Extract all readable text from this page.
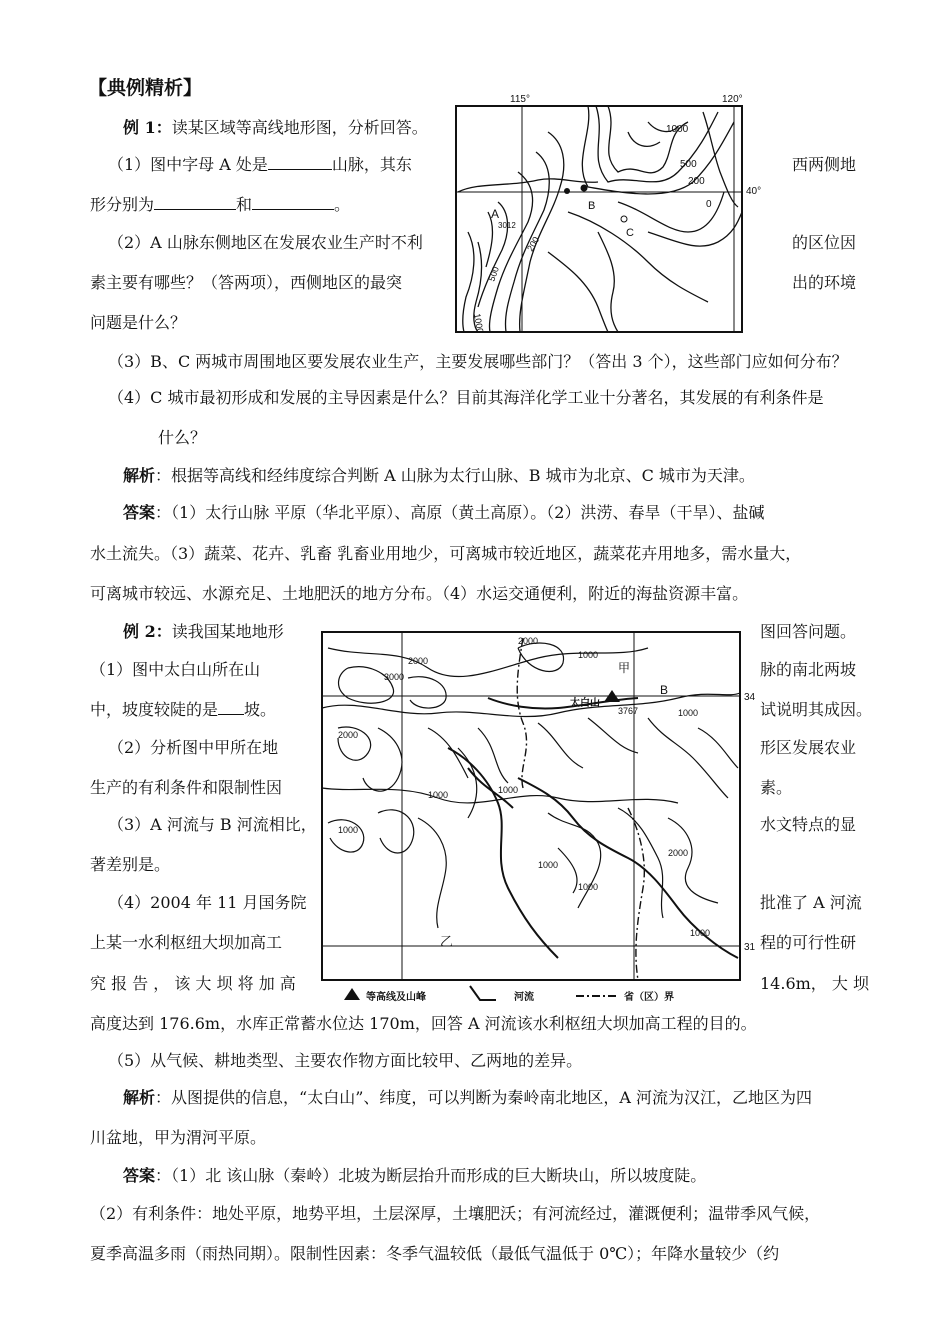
【典例精析】
例 1：读某区域等高线地形图，分析回答。
（1）图中字母 A 处是	山脉，其东	西两侧地
形分别为	和	。
（2）A 山脉东侧地区在发展农业生产时不利	的区位因
素主要有哪些？（答两项），西侧地区的最突	出的环境
问题是什么？
（3）B、C 两城市周围地区要发展农业生产，主要发展哪些部门？（答出 3 个），这些部门应如何分布？
（4）C 城市最初形成和发展的主导因素是什么？目前其海洋化学工业十分著名，其发展的有利条件是
什么？
解析：根据等高线和经纬度综合判断 A 山脉为太行山脉、B 城市为北京、C 城市为天津。
答案：（1）太行山脉 平原（华北平原）、高原（黄土高原）。（2）洪涝、春旱（干旱）、盐碱
水土流失。（3）蔬菜、花卉、乳畜 乳畜业用地少，可离城市较近地区，蔬菜花卉用地多，需水量大，
可离城市较远、水源充足、土地肥沃的地方分布。（4）水运交通便利，附近的海盐资源丰富。
115°	120°
40°
1000
500
200
0
A
3012
B
C
200
500
1000
例 2：读我国某地地形	图回答问题。
（1）图中太白山所在山	脉的南北两坡
中，坡度较陡的是 坡。	试说明其成因。
（2）分析图中甲所在地	形区发展农业
生产的有利条件和限制性因	素。
（3）A 河流与 B 河流相比，	水文特点的显
著差别是。
（4）2004 年 11 月国务院	批准了 A 河流
上某一水利枢纽大坝加高工	程的可行性研
究 报 告 ， 该 大 坝 将 加 高	14.6m， 大 坝
高度达到 176.6m，水库正常蓄水位达 170m，回答 A 河流该水利枢纽大坝加高工程的目的。
（5）从气候、耕地类型、主要农作物方面比较甲、乙两地的差异。
解析：从图提供的信息，“太白山”、纬度，可以判断为秦岭南北地区，A 河流为汉江，乙地区为四
川盆地，甲为渭河平原。
答案：（1）北 该山脉（秦岭）北坡为断层抬升而形成的巨大断块山，所以坡度陡。
（2）有利条件：地处平原，地势平坦，土层深厚，土壤肥沃；有河流经过，灌溉便利；温带季风气候，
夏季高温多雨（雨热同期）。限制性因素：冬季气温较低（最低气温低于 0℃）；年降水量较少（约
34
31
太白山
3767
甲
乙
B
3000
2000
2000
2000
1000
1000
1000	1000
1000
1000
1000
2000
1000
等高线及山峰	河流	省（区）界
